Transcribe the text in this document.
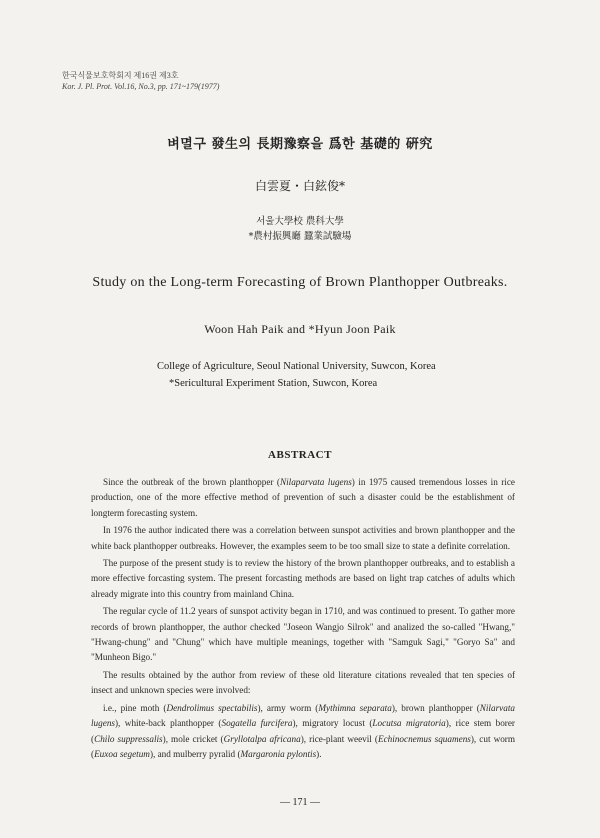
한국식물보호학회지 제16권 제3호
Kor. J. Pl. Prot. Vol.16, No.3, pp. 171~179(1977)
벼멸구 發生의 長期豫察을 爲한 基礎的 硏究
白雲夏・白鉉俊*
서울大學校 農科大學
*農村振興廳 蠶業試驗場
Study on the Long-term Forecasting of Brown Planthopper Outbreaks.
Woon Hah Paik and *Hyun Joon Paik
College of Agriculture, Seoul National University, Suwcon, Korea
*Sericultural Experiment Station, Suwcon, Korea
ABSTRACT

Since the outbreak of the brown planthopper (Nilaparvata lugens) in 1975 caused tremendous losses in rice production, one of the more effective method of prevention of such a disaster could be the establishment of longterm forecasting system.

In 1976 the author indicated there was a correlation between sunspot activities and brown planthopper and the white back planthopper outbreaks. However, the examples seem to be too small size to state a definite correlation.

The purpose of the present study is to review the history of the brown planthopper outbreaks, and to establish a more effective forcasting system. The present forcasting methods are based on light trap catches of adults which already migrate into this country from mainland China.

The regular cycle of 11.2 years of sunspot activity began in 1710, and was continued to present. To gather more records of brown planthopper, the author checked "Joseon Wangjo Silrok" and analized the so-called "Hwang," "Hwang-chung" and "Chung" which have multiple meanings, together with "Samguk Sagi," "Goryo Sa" and "Munheon Bigo."

The results obtained by the author from review of these old literature citations revealed that ten species of insect and unknown species were involved:

i.e., pine moth (Dendrolimus spectabilis), army worm (Mythimna separata), brown planthopper (Nilarvata lugens), white-back planthopper (Sogatella furcifera), migratory locust (Locutsa migratoria), rice stem borer (Chilo suppressalis), mole cricket (Gryllotalpa africana), rice-plant weevil (Echinocnemus squamens), cut worm (Euxoa segetum), and mulberry pyralid (Margaronia pylontis).

— 171 —
